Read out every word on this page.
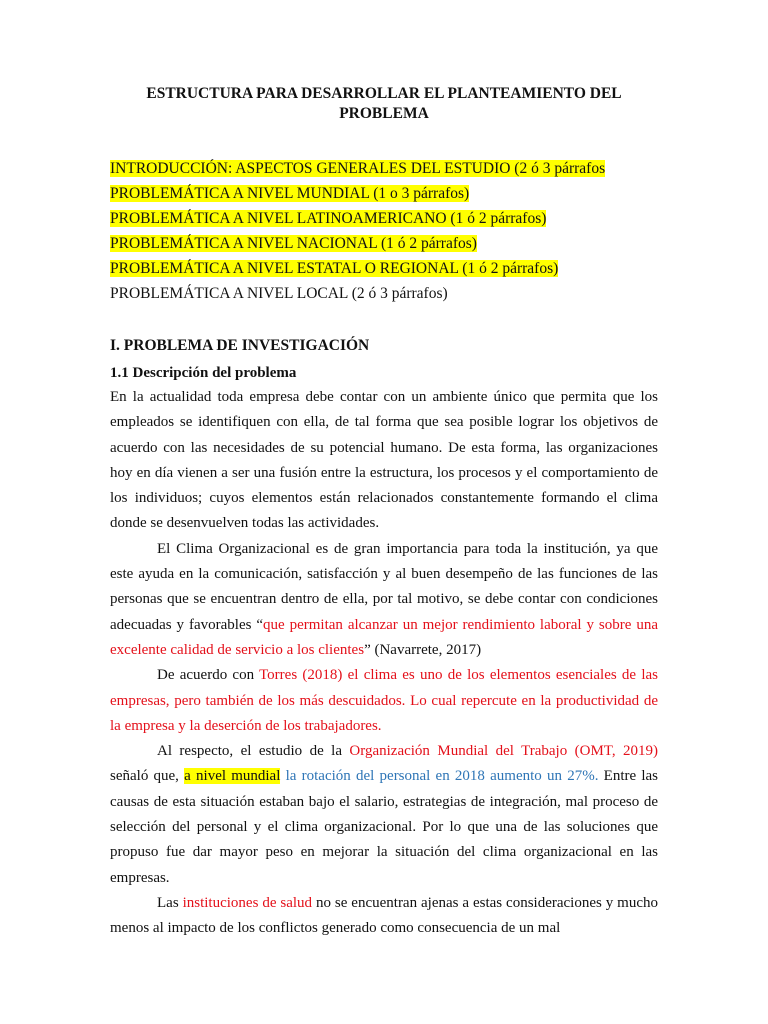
ESTRUCTURA PARA DESARROLLAR EL PLANTEAMIENTO DEL PROBLEMA
INTRODUCCIÓN: ASPECTOS GENERALES DEL ESTUDIO (2 ó 3 párrafos
PROBLEMÁTICA A NIVEL MUNDIAL (1 o 3 párrafos)
PROBLEMÁTICA A NIVEL LATINOAMERICANO (1 ó 2 párrafos)
PROBLEMÁTICA A NIVEL NACIONAL (1 ó 2 párrafos)
PROBLEMÁTICA A NIVEL ESTATAL O REGIONAL (1 ó 2 párrafos)
PROBLEMÁTICA A NIVEL LOCAL (2 ó 3 párrafos)
I. PROBLEMA DE INVESTIGACIÓN
1.1 Descripción del problema

En la actualidad toda empresa debe contar con un ambiente único que permita que los empleados se identifiquen con ella, de tal forma que sea posible lograr los objetivos de acuerdo con las necesidades de su potencial humano. De esta forma, las organizaciones hoy en día vienen a ser una fusión entre la estructura, los procesos y el comportamiento de los individuos; cuyos elementos están relacionados constantemente formando el clima donde se desenvuelven todas las actividades.

El Clima Organizacional es de gran importancia para toda la institución, ya que este ayuda en la comunicación, satisfacción y al buen desempeño de las funciones de las personas que se encuentran dentro de ella, por tal motivo, se debe contar con condiciones adecuadas y favorables “que permitan alcanzar un mejor rendimiento laboral y sobre una excelente calidad de servicio a los clientes” (Navarrete, 2017)

De acuerdo con Torres (2018) el clima es uno de los elementos esenciales de las empresas, pero también de los más descuidados. Lo cual repercute en la productividad de la empresa y la deserción de los trabajadores.

Al respecto, el estudio de la Organización Mundial del Trabajo (OMT, 2019) señaló que, a nivel mundial la rotación del personal en 2018 aumento un 27%. Entre las causas de esta situación estaban bajo el salario, estrategias de integración, mal proceso de selección del personal y el clima organizacional. Por lo que una de las soluciones que propuso fue dar mayor peso en mejorar la situación del clima organizacional en las empresas.

Las instituciones de salud no se encuentran ajenas a estas consideraciones y mucho menos al impacto de los conflictos generado como consecuencia de un mal
